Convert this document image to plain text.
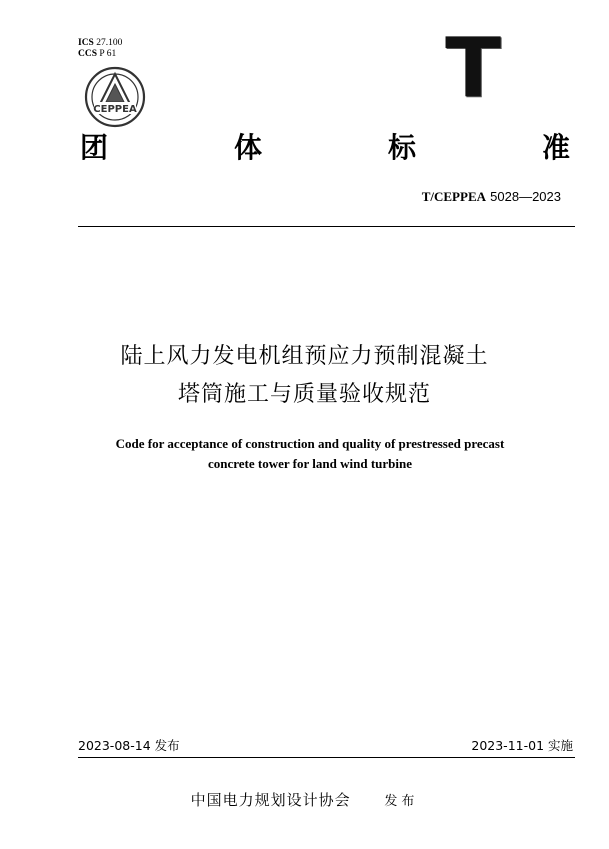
ICS 27.100
CCS P 61
CEPPEA	T
团	体	标	准
T/CEPPEA 5028—2023
陆上风力发电机组预应力预制混凝土
塔筒施工与质量验收规范
Code for acceptance of construction and quality of prestressed precast
concrete tower for land wind turbine
2023-08-14 发布	2023-11-01 实施
中国电力规划设计协会	发布
